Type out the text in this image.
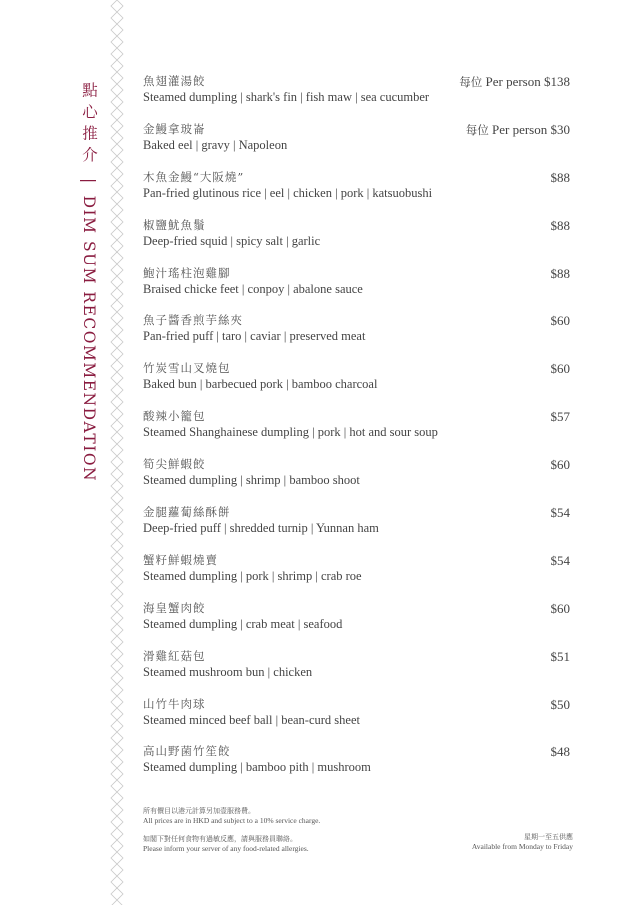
點心推介 | DIM SUM RECOMMENDATION
魚翅灌湯餃
Steamed dumpling | shark's fin | fish maw | sea cucumber
每位 Per person $138
金鰻拿玻崙
Baked eel | gravy | Napoleon
每位 Per person $30
木魚金鰻“大阪燒”
Pan-fried glutinous rice | eel | chicken | pork | katsuobushi
$88
椒鹽魷魚鬚
Deep-fried squid | spicy salt | garlic
$88
鮑汁瑤柱泡雞腳
Braised chicke feet | conpoy | abalone sauce
$88
魚子醬香煎芋絲夾
Pan-fried puff | taro | caviar | preserved meat
$60
竹炭雪山叉燒包
Baked bun | barbecued pork | bamboo charcoal
$60
酸辣小籠包
Steamed Shanghainese dumpling | pork | hot and sour soup
$57
筍尖鮮蝦餃
Steamed dumpling | shrimp | bamboo shoot
$60
金腿蘿蔔絲酥餅
Deep-fried puff | shredded turnip | Yunnan ham
$54
蟹籽鮮蝦燒賣
Steamed dumpling | pork | shrimp | crab roe
$54
海皇蟹肉餃
Steamed dumpling | crab meat | seafood
$60
滑雞紅菇包
Steamed mushroom bun | chicken
$51
山竹牛肉球
Steamed minced beef ball | bean-curd sheet
$50
高山野菌竹笙餃
Steamed dumpling | bamboo pith | mushroom
$48
所有價目以港元計算另加壹服務費。
All prices are in HKD and subject to a 10% service charge.
如閣下對任何食物有過敏反應，請與服務員聯絡。
Please inform your server of any food-related allergies.
星期一至五供應
Available from Monday to Friday
